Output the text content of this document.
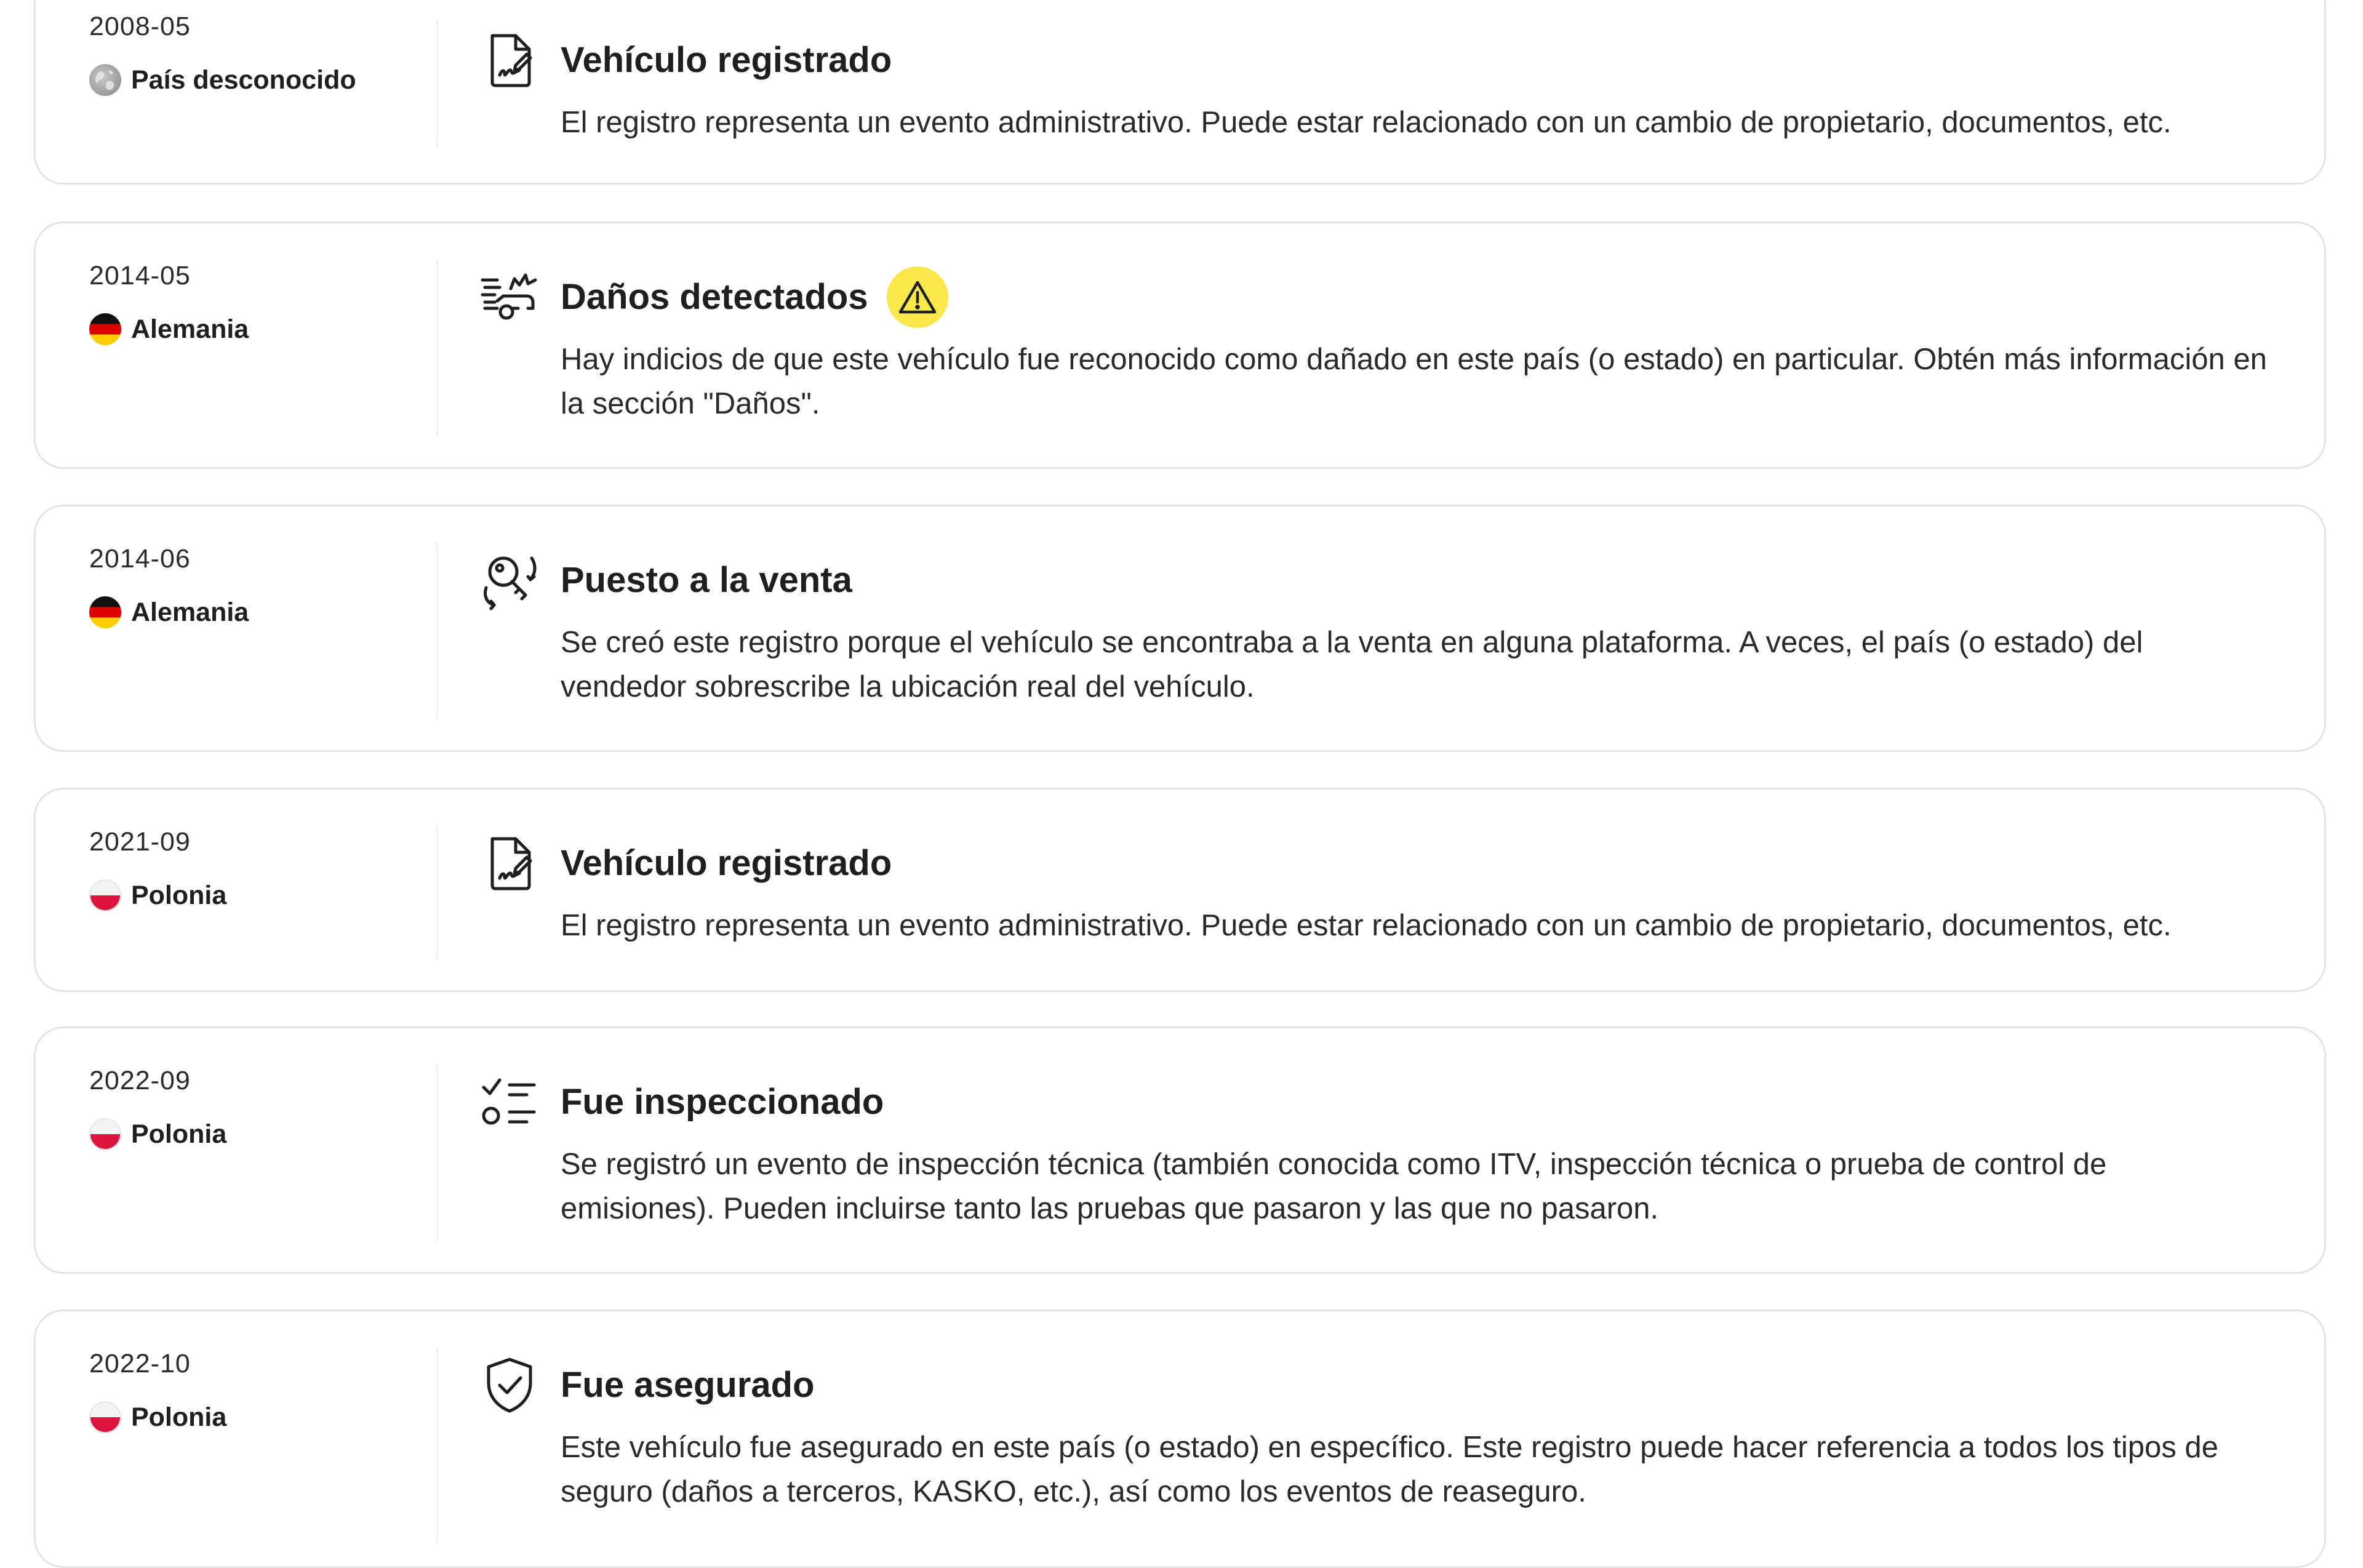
2008-05
País desconocido	Vehículo registrado
El registro representa un evento administrativo. Puede estar relacionado con un cambio de propietario, documentos, etc.
2014-05
Alemania
Daños detectados
Hay indicios de que este vehículo fue reconocido como dañado en este país (o estado) en particular. Obtén más información en la sección "Daños".
2014-06
Alemania
Puesto a la venta
Se creó este registro porque el vehículo se encontraba a la venta en alguna plataforma. A veces, el país (o estado) del vendedor sobrescribe la ubicación real del vehículo.
2021-09
Polonia
Vehículo registrado
El registro representa un evento administrativo. Puede estar relacionado con un cambio de propietario, documentos, etc.
2022-09
Polonia
Fue inspeccionado
Se registró un evento de inspección técnica (también conocida como ITV, inspección técnica o prueba de control de emisiones). Pueden incluirse tanto las pruebas que pasaron y las que no pasaron.
2022-10
Polonia
Fue asegurado
Este vehículo fue asegurado en este país (o estado) en específico. Este registro puede hacer referencia a todos los tipos de seguro (daños a terceros, KASKO, etc.), así como los eventos de reaseguro.
